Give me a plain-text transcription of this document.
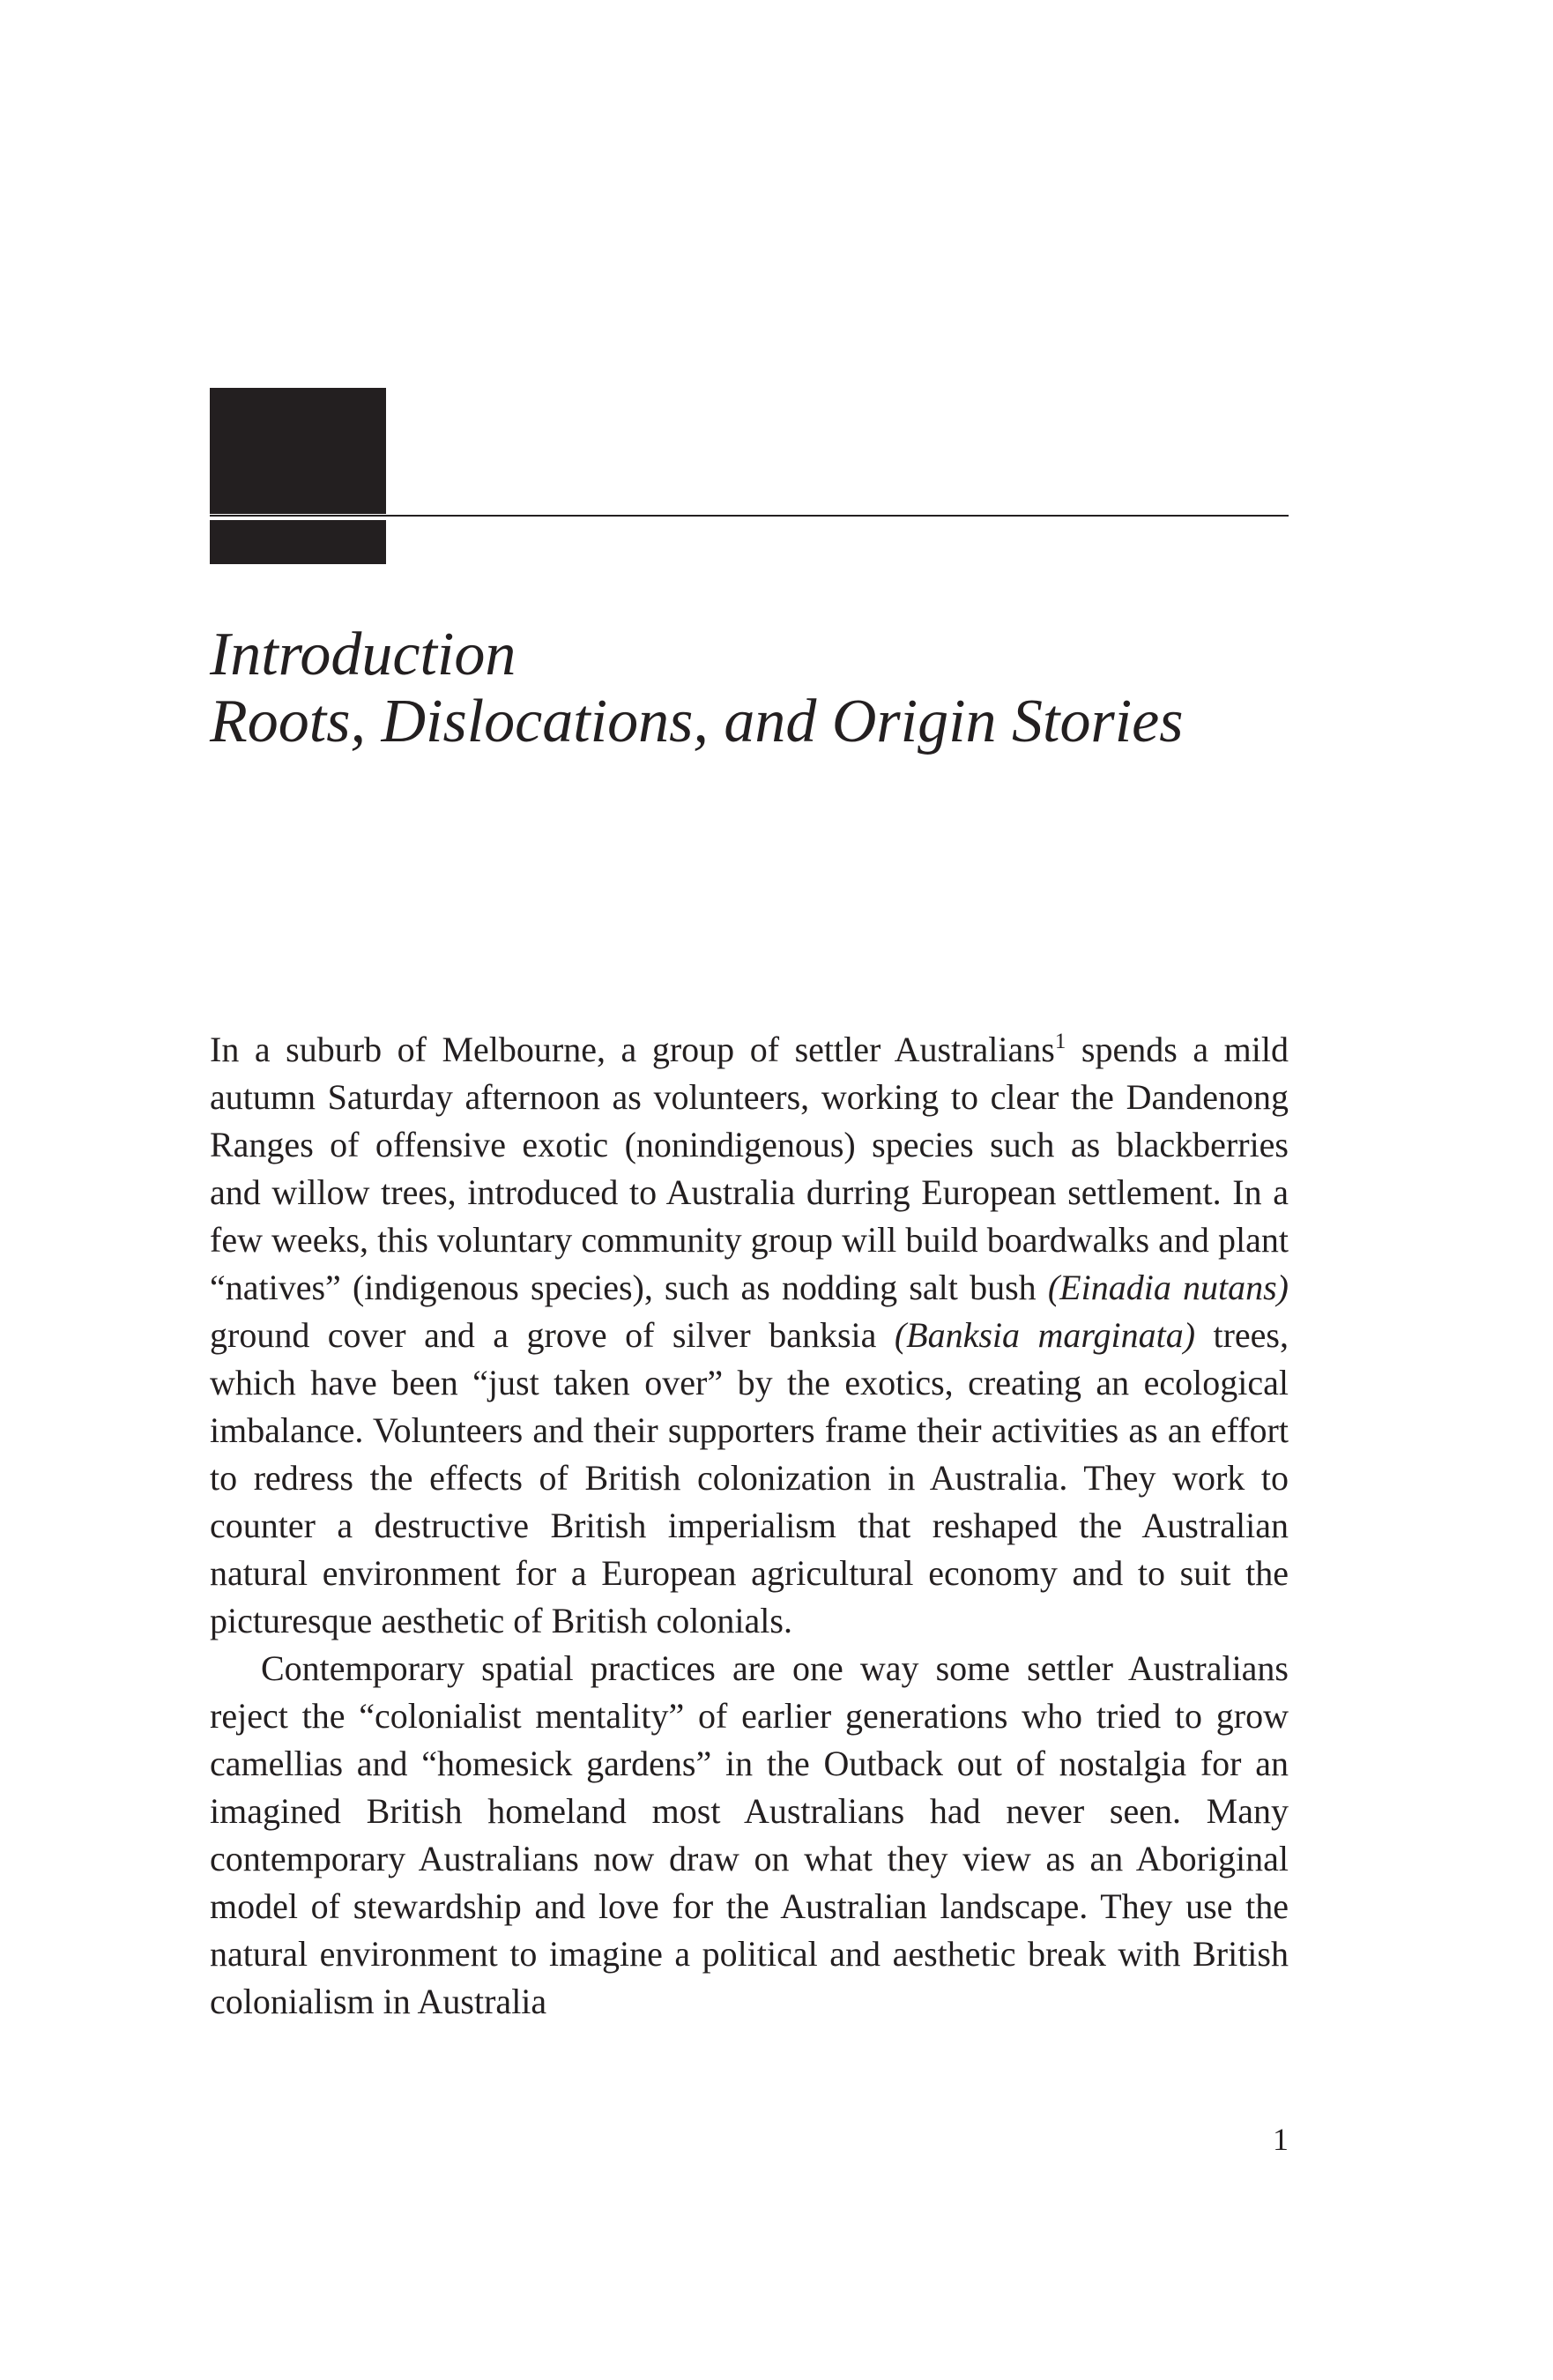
Introduction
Roots, Dislocations, and Origin Stories

In a suburb of Melbourne, a group of settler Australians$^1$ spends a mild autumn Saturday afternoon as volunteers, working to clear the Dandenong Ranges of offensive exotic (nonindigenous) species such as blackberries and willow trees, introduced to Australia durring European settlement. In a few weeks, this voluntary community group will build boardwalks and plant “natives” (indigenous species), such as nodding salt bush (Einadia nutans) ground cover and a grove of silver banksia (Banksia marginata) trees, which have been “just taken over” by the exotics, creating an ecological imbalance. Volunteers and their supporters frame their activities as an effort to redress the effects of British colonization in Australia. They work to counter a destructive British imperialism that reshaped the Australian natural environment for a European agricultural economy and to suit the picturesque aesthetic of British colonials.

Contemporary spatial practices are one way some settler Australians reject the “colonialist mentality” of earlier generations who tried to grow camellias and “homesick gardens” in the Outback out of nostalgia for an imagined British homeland most Australians had never seen. Many contemporary Australians now draw on what they view as an Aboriginal model of stewardship and love for the Australian landscape. They use the natural environment to imagine a political and aesthetic break with British colonialism in Australia

1
